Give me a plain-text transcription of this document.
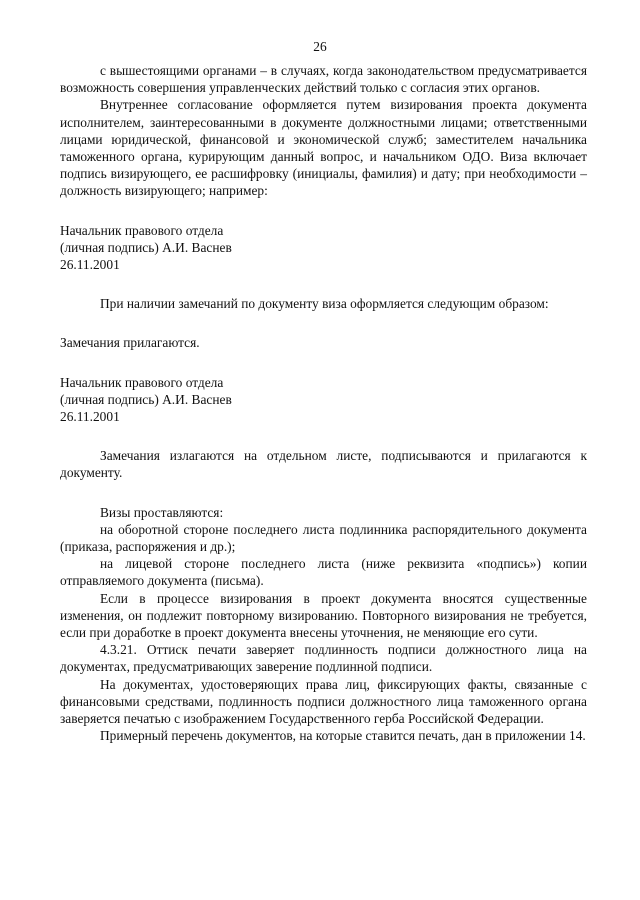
26

с вышестоящими органами – в случаях, когда законодательством предусматривается возможность совершения управленческих действий только с согласия этих органов.

Внутреннее согласование оформляется путем визирования проекта документа исполнителем, заинтересованными в документе должностными лицами; ответственными лицами юридической, финансовой и экономической служб; заместителем начальника таможенного органа, курирующим данный вопрос, и начальником ОДО. Виза включает подпись визирующего, ее расшифровку (инициалы, фамилия) и дату; при необходимости – должность визирующего; например:

Начальник правового отдела

(личная подпись) А.И. Васнев

26.11.2001

При наличии замечаний по документу виза оформляется следующим образом:

Замечания прилагаются.

Начальник правового отдела

(личная подпись) А.И. Васнев

26.11.2001

Замечания излагаются на отдельном листе, подписываются и прилагаются к документу.

Визы проставляются:

на оборотной стороне последнего листа подлинника распорядительного документа (приказа, распоряжения и др.);

на лицевой стороне последнего листа (ниже реквизита «подпись») копии отправляемого документа (письма).

Если в процессе визирования в проект документа вносятся существенные изменения, он подлежит повторному визированию. Повторного визирования не требуется, если при доработке в проект документа внесены уточнения, не меняющие его сути.

4.3.21. Оттиск печати заверяет подлинность подписи должностного лица на документах, предусматривающих заверение подлинной подписи.

На документах, удостоверяющих права лиц, фиксирующих факты, связанные с финансовыми средствами, подлинность подписи должностного лица таможенного органа заверяется печатью с изображением Государственного герба Российской Федерации.

Примерный перечень документов, на которые ставится печать, дан в приложении 14.
